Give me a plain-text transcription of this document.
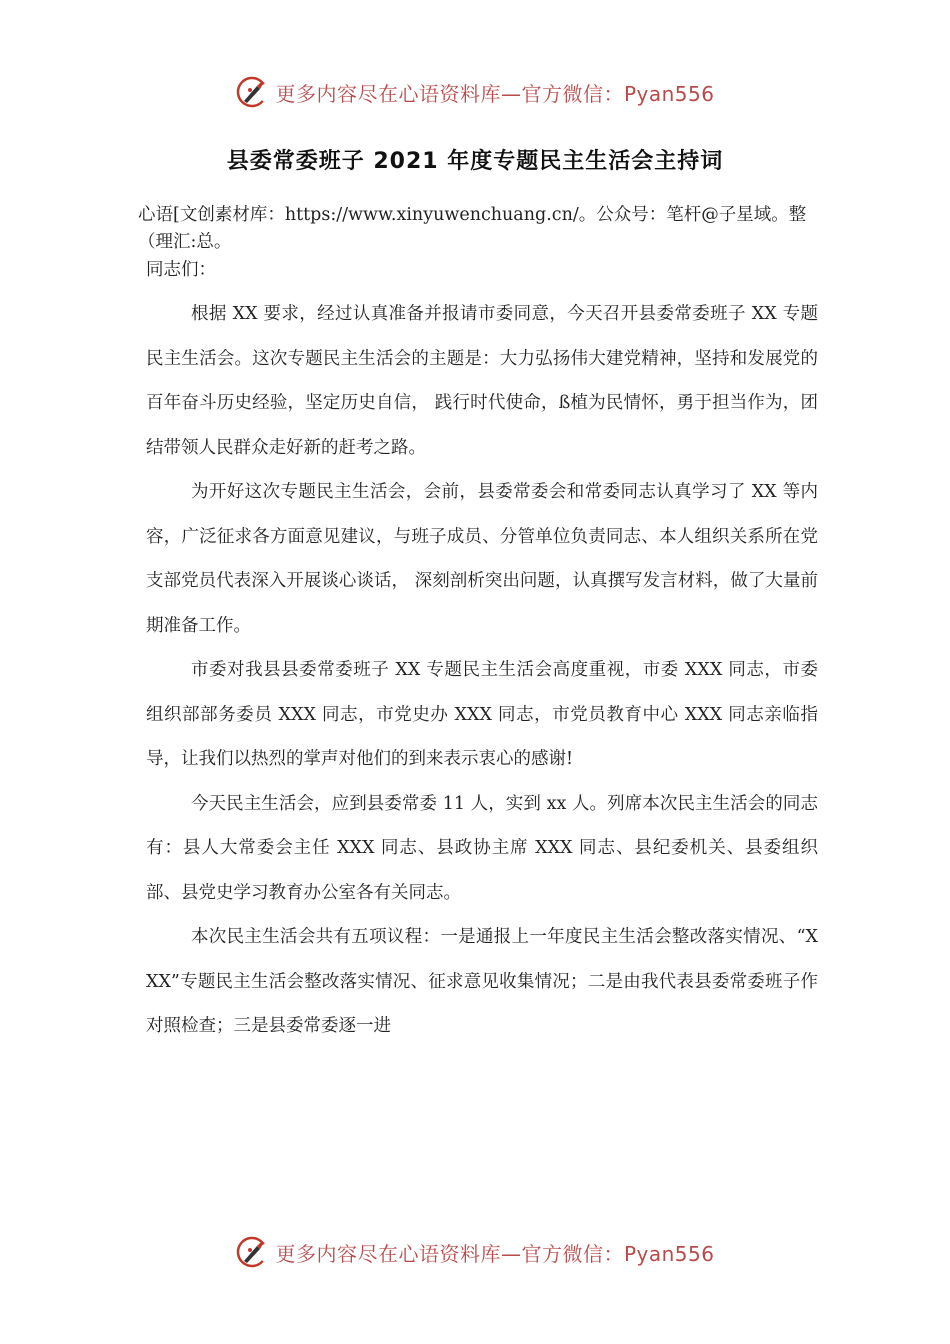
更多内容尽在心语资料库—官方微信：Pyan556
县委常委班子 2021 年度专题民主生活会主持词
心语[文创素材库：https://www.xinyuwenchuang.cn/。公众号：笔杆@子星域。整（理汇:总。
同志们：

根据 XX 要求，经过认真准备并报请市委同意，今天召开县委常委班子 XX 专题民主生活会。这次专题民主生活会的主题是：大力弘扬伟大建党精神，坚持和发展党的百年奋斗历史经验，坚定历史自信， 践行时代使命，ß植为民情怀，勇于担当作为，团结带领人民群众走好新的赶考之路。

为开好这次专题民主生活会，会前，县委常委会和常委同志认真学习了 XX 等内容，广泛征求各方面意见建议，与班子成员、分管单位负责同志、本人组织关系所在党支部党员代表深入开展谈心谈话， 深刻剖析突出问题，认真撰写发言材料，做了大量前期准备工作。

市委对我县县委常委班子 XX 专题民主生活会高度重视，市委 XXX 同志，市委组织部部务委员 XXX 同志，市党史办 XXX 同志，市党员教育中心 XXX 同志亲临指导，让我们以热烈的掌声对他们的到来表示衷心的感谢!

今天民主生活会，应到县委常委 11 人，实到 xx 人。列席本次民主生活会的同志有：县人大常委会主任 XXX 同志、县政协主席 XXX 同志、县纪委机关、县委组织部、县党史学习教育办公室各有关同志。

本次民主生活会共有五项议程：一是通报上一年度民主生活会整改落实情况、“XXX”专题民主生活会整改落实情况、征求意见收集情况；二是由我代表县委常委班子作对照检查；三是县委常委逐一进

更多内容尽在心语资料库—官方微信：Pyan556
